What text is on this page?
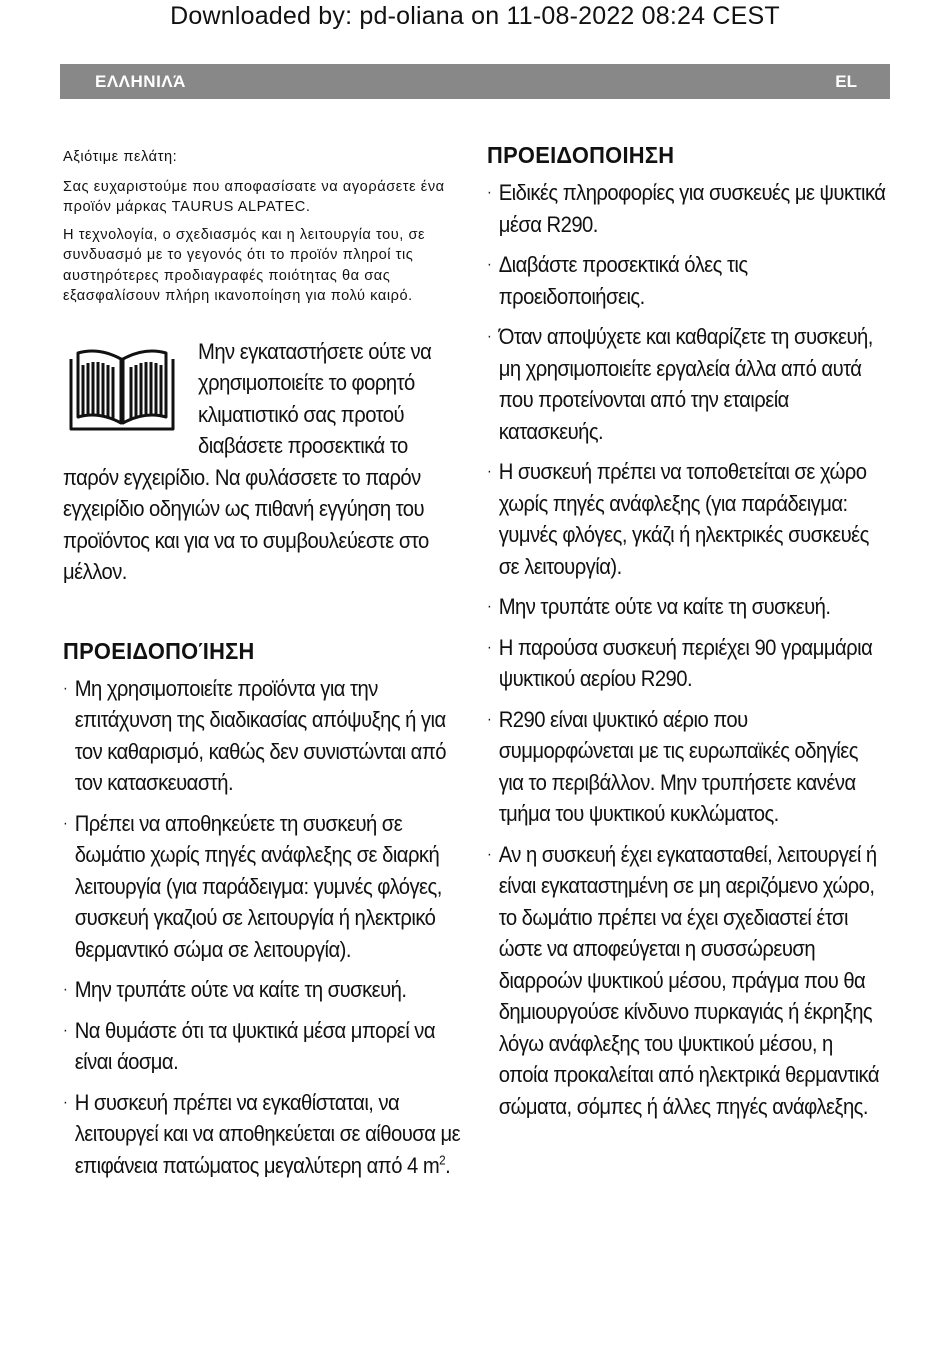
Downloaded by: pd-oliana on 11-08-2022 08:24 CEST
ΕΛΛΗΝΙΛΆ	EL

Αξιότιμε πελάτη:

Σας ευχαριστούμε που αποφασίσατε να αγοράσετε ένα προϊόν μάρκας TAURUS ALPATEC.

Η τεχνολογία, ο σχεδιασμός και η λειτουργία του, σε συνδυασμό με το γεγονός ότι το προϊόν πληροί τις αυστηρότερες προδιαγραφές ποιότητας θα σας εξασφαλίσουν πλήρη ικανοποίηση για πολύ καιρό.

Μην εγκαταστήσετε ούτε να χρησιμοποιείτε το φορητό κλιματιστικό σας προτού διαβάσετε προσεκτικά το παρόν εγχειρίδιο. Να φυλάσσετε το παρόν εγχειρίδιο οδηγιών ως πιθανή εγγύηση του προϊόντος και για να το συμβουλεύεστε στο μέλλον.

ΠΡΟΕΙΔΟΠΟΊΗΣΗ
· Μη χρησιμοποιείτε προϊόντα για την επιτάχυνση της διαδικασίας απόψυξης ή για τον καθαρισμό, καθώς δεν συνιστώνται από τον κατασκευαστή.
· Πρέπει να αποθηκεύετε τη συσκευή σε δωμάτιο χωρίς πηγές ανάφλεξης σε διαρκή λειτουργία (για παράδειγμα: γυμνές φλόγες, συσκευή γκαζιού σε λειτουργία ή ηλεκτρικό θερμαντικό σώμα σε λειτουργία).
· Μην τρυπάτε ούτε να καίτε τη συσκευή.
· Να θυμάστε ότι τα ψυκτικά μέσα μπορεί να είναι άοσμα.
· Η συσκευή πρέπει να εγκαθίσταται, να λειτουργεί και να αποθηκεύεται σε αίθουσα με επιφάνεια πατώματος μεγαλύτερη από 4 $m^2$.
ΠΡΟΕΙΔΟΠΟΙΗΣΗ
· Ειδικές πληροφορίες για συσκευές με ψυκτικά μέσα R290.
· Διαβάστε προσεκτικά όλες τις προειδοποιήσεις.
· Όταν αποψύχετε και καθαρίζετε τη συσκευή, μη χρησιμοποιείτε εργαλεία άλλα από αυτά που προτείνονται από την εταιρεία κατασκευής.
· Η συσκευή πρέπει να τοποθετείται σε χώρο χωρίς πηγές ανάφλεξης (για παράδειγμα: γυμνές φλόγες, γκάζι ή ηλεκτρικές συσκευές σε λειτουργία).
· Μην τρυπάτε ούτε να καίτε τη συσκευή.
· Η παρούσα συσκευή περιέχει 90 γραμμάρια ψυκτικού αερίου R290.
· R290 είναι ψυκτικό αέριο που συμμορφώνεται με τις ευρωπαϊκές οδηγίες για το περιβάλλον. Μην τρυπήσετε κανένα τμήμα του ψυκτικού κυκλώματος.
· Αν η συσκευή έχει εγκατασταθεί, λειτουργεί ή είναι εγκαταστημένη σε μη αεριζόμενο χώρο, το δωμάτιο πρέπει να έχει σχεδιαστεί έτσι ώστε να αποφεύγεται η συσσώρευση διαρροών ψυκτικού μέσου, πράγμα που θα δημιουργούσε κίνδυνο πυρκαγιάς ή έκρηξης λόγω ανάφλεξης του ψυκτικού μέσου, η οποία προκαλείται από ηλεκτρικά θερμαντικά σώματα, σόμπες ή άλλες πηγές ανάφλεξης.
